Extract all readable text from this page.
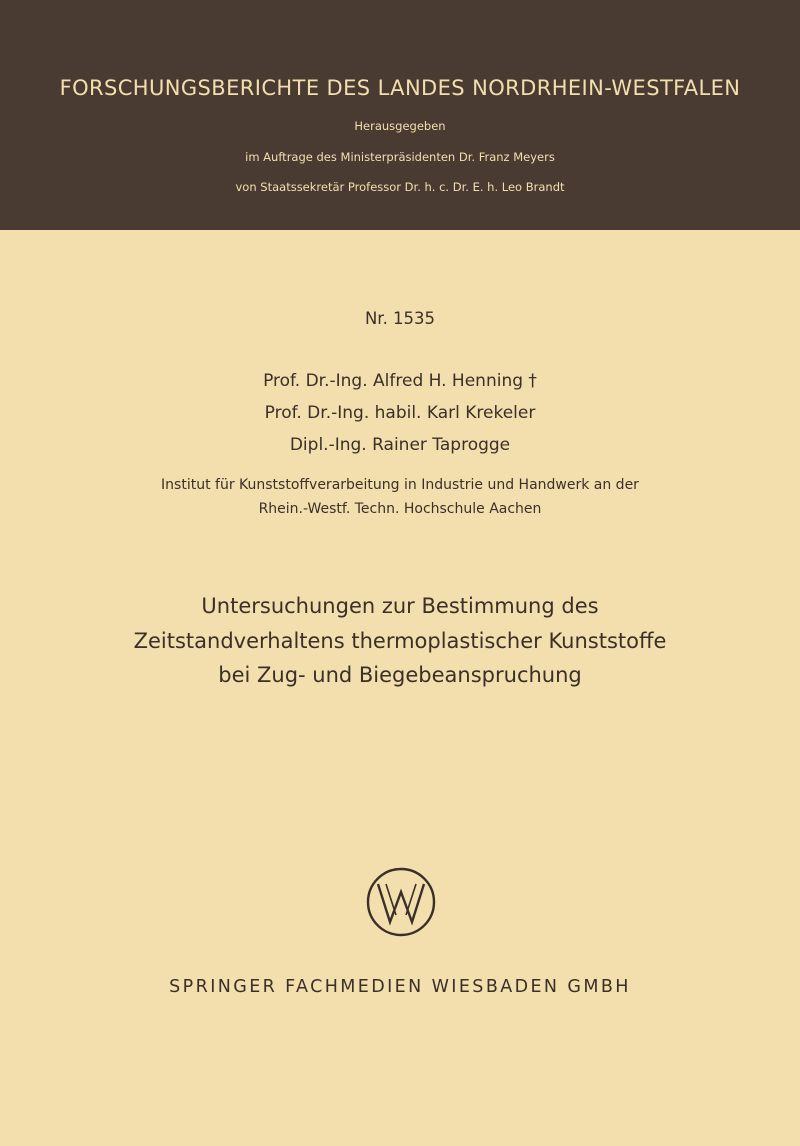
FORSCHUNGSBERICHTE DES LANDES NORDRHEIN-WESTFALEN
Herausgegeben
im Auftrage des Ministerpräsidenten Dr. Franz Meyers
von Staatssekretär Professor Dr. h. c. Dr. E. h. Leo Brandt
Nr. 1535
Prof. Dr.-Ing. Alfred H. Henning †
Prof. Dr.-Ing. habil. Karl Krekeler
Dipl.-Ing. Rainer Taprogge
Institut für Kunststoffverarbeitung in Industrie und Handwerk an der
Rhein.-Westf. Techn. Hochschule Aachen
Untersuchungen zur Bestimmung des
Zeitstandverhaltens thermoplastischer Kunststoffe
bei Zug- und Biegebeanspruchung
SPRINGER FACHMEDIEN WIESBADEN GMBH
